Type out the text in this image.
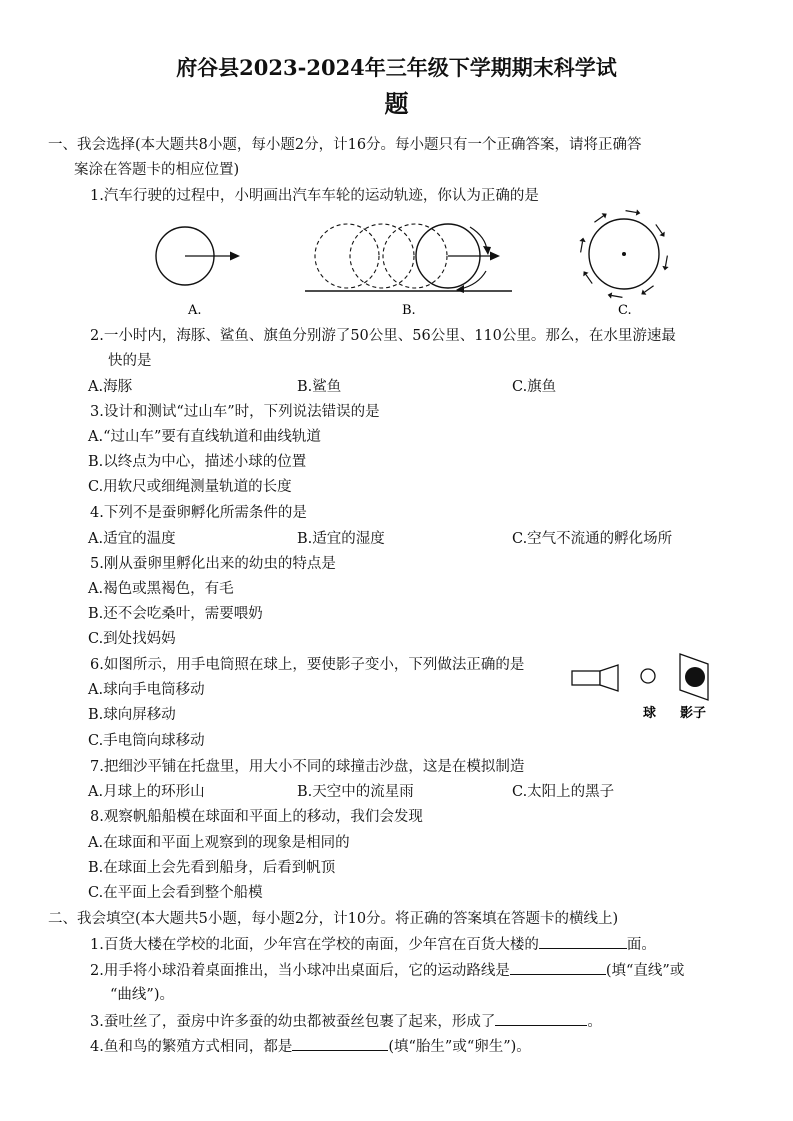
府谷县2023-2024年三年级下学期期末科学试
题
一、我会选择(本大题共8小题，每小题2分，计16分。每小题只有一个正确答案，请将正确答
案涂在答题卡的相应位置)
1.汽车行驶的过程中，小明画出汽车车轮的运动轨迹，你认为正确的是
A.	B.	C.
2.一小时内，海豚、鲨鱼、旗鱼分别游了50公里、56公里、110公里。那么，在水里游速最
快的是
A.海豚	B.鲨鱼	C.旗鱼
3.设计和测试“过山车”时，下列说法错误的是
A.“过山车”要有直线轨道和曲线轨道
B.以终点为中心，描述小球的位置
C.用软尺或细绳测量轨道的长度
4.下列不是蚕卵孵化所需条件的是
A.适宜的温度	B.适宜的湿度	C.空气不流通的孵化场所
5.刚从蚕卵里孵化出来的幼虫的特点是
A.褐色或黑褐色，有毛
B.还不会吃桑叶，需要喂奶
C.到处找妈妈
6.如图所示，用手电筒照在球上，要使影子变小，下列做法正确的是
A.球向手电筒移动
B.球向屏移动
C.手电筒向球移动
球 影子
7.把细沙平铺在托盘里，用大小不同的球撞击沙盘，这是在模拟制造
A.月球上的环形山	B.天空中的流星雨	C.太阳上的黑子
8.观察帆船船模在球面和平面上的移动，我们会发现
A.在球面和平面上观察到的现象是相同的
B.在球面上会先看到船身，后看到帆顶
C.在平面上会看到整个船模
二、我会填空(本大题共5小题，每小题2分，计10分。将正确的答案填在答题卡的横线上)
1.百货大楼在学校的北面，少年宫在学校的南面，少年宫在百货大楼的	面。
2.用手将小球沿着桌面推出，当小球冲出桌面后，它的运动路线是	(填“直线”或
“曲线”)。
3.蚕吐丝了，蚕房中许多蚕的幼虫都被蚕丝包裹了起来，形成了	。
4.鱼和鸟的繁殖方式相同，都是	(填“胎生”或“卵生”)。
